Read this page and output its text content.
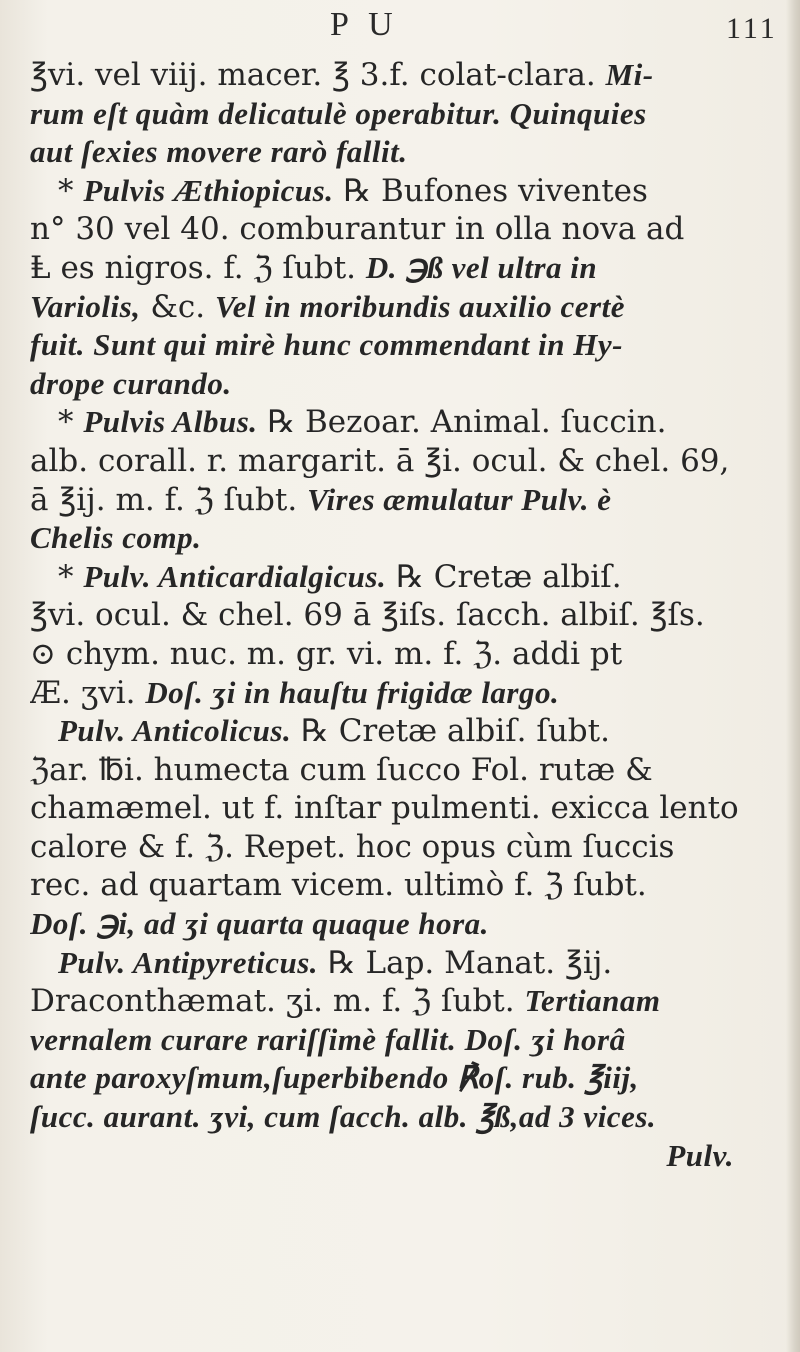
P U	111
℥vi. vel viij. macer. ℥ 3.f. colat-clara. Mi-
rum eſt quàm delicatulè operabitur. Quinquies
aut ſexies movere rarò fallit.
* Pulvis Æthiopicus. ℞ Bufones viventes
n° 30 vel 40. comburantur in olla nova ad
Ⱡ es nigros. f. ℨ ſubt. D. ℈ß vel ultra in
Variolis, &c. Vel in moribundis auxilio certè
fuit. Sunt qui mirè hunc commendant in Hy-
drope curando.
* Pulvis Albus. ℞ Bezoar. Animal. ſuccin.
alb. corall. r. margarit. ā ℥i. ocul. & chel. 69,
ā ℥ij. m. f. ℨ ſubt. Vires æmulatur Pulv. è
Chelis comp.
* Pulv. Anticardialgicus. ℞ Cretæ albiſ.
℥vi. ocul. & chel. 69 ā ℥iſs. ſacch. albiſ. ℥ſs.
⊙ chym. nuc. m. gr. vi. m. f. ℨ. addi pt
Æ. ʒvi. Doſ. ʒi in hauſtu frigidæ largo.
Pulv. Anticolicus. ℞ Cretæ albiſ. ſubt.
ℨar. ℔i. humecta cum ſucco Fol. rutæ &
chamæmel. ut f. inſtar pulmenti. exicca lento
calore & f. ℨ. Repet. hoc opus cùm ſuccis
rec. ad quartam vicem. ultimò f. ℨ ſubt.
Doſ. ℈i, ad ʒi quarta quaque hora.
Pulv. Antipyreticus. ℞ Lap. Manat. ℥ij.
Draconthæmat. ʒi. m. f. ℨ ſubt. Tertianam
vernalem curare rariſſimè fallit. Doſ. ʒi horâ
ante paroxyſmum,ſuperbibendo ℟oſ. rub. ℥iij,
ſucc. aurant. ʒvi, cum ſacch. alb. ℥ß,ad 3 vices.
Pulv.
